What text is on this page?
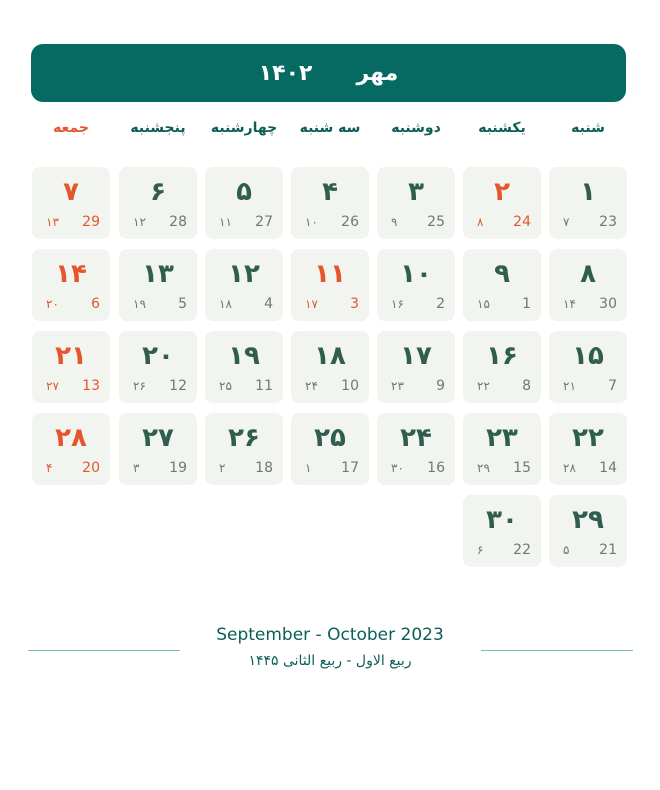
۱۴۰۲ مهر
شنبه
یکشنبه
دوشنبه
سه شنبه
چهارشنبه
پنجشنبه
جمعه
۱
۷ 23
۲
۸ 24
۳
۹ 25
۴
۱۰ 26
۵
۱۱ 27
۶
۱۲ 28
۷
۱۳ 29
۸
۱۴ 30
۹
۱۵ 1
۱۰
۱۶ 2
۱۱
۱۷ 3
۱۲
۱۸ 4
۱۳
۱۹ 5
۱۴
۲۰ 6
۱۵
۲۱ 7
۱۶
۲۲ 8
۱۷
۲۳ 9
۱۸
۲۴ 10
۱۹
۲۵ 11
۲۰
۲۶ 12
۲۱
۲۷ 13
۲۲
۲۸ 14
۲۳
۲۹ 15
۲۴
۳۰ 16
۲۵
۱ 17
۲۶
۲ 18
۲۷
۳ 19
۲۸
۴ 20
۲۹
۵ 21
۳۰
۶ 22
September - October 2023
ربیع الاول - ربیع الثانی ۱۴۴۵
